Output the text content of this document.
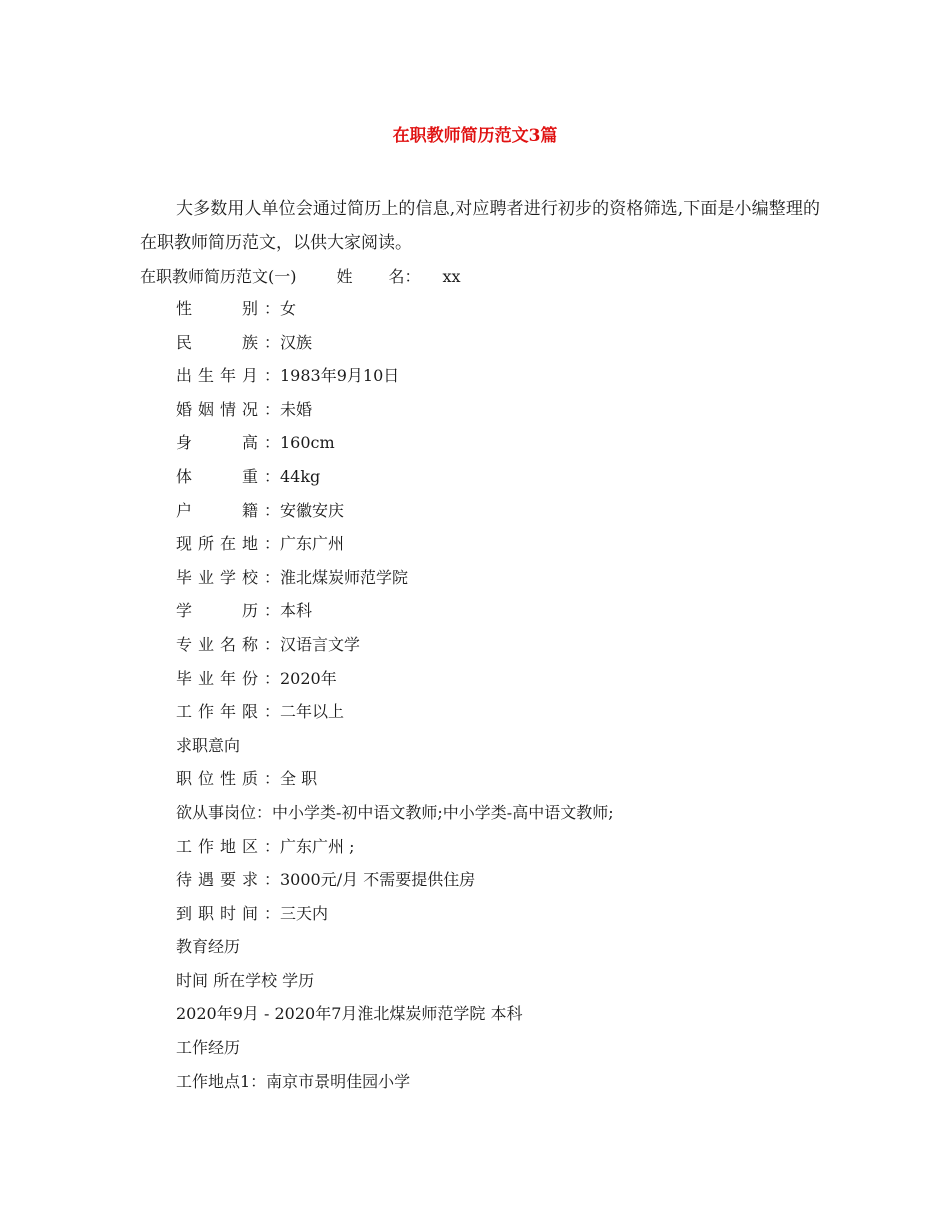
在职教师简历范文3篇
大多数用人单位会通过简历上的信息,对应聘者进行初步的资格筛选,下面是小编整理的在职教师简历范文，以供大家阅读。
在职教师简历范文(一)	姓 名： xx
性　　别： 女
民　　族： 汉族
出生年月： 1983年9月10日
婚姻情况： 未婚
身　　高： 160cm
体　　重： 44kg
户　　籍： 安徽安庆
现所在地： 广东广州
毕业学校： 淮北煤炭师范学院
学　　历： 本科
专业名称： 汉语言文学
毕业年份： 2020年
工作年限： 二年以上
求职意向
职位性质： 全 职
欲从事岗位：中小学类-初中语文教师;中小学类-高中语文教师;
工作地区： 广东广州 ;
待遇要求： 3000元/月 不需要提供住房
到职时间： 三天内
教育经历
时间 所在学校 学历
2020年9月 - 2020年7月淮北煤炭师范学院 本科
工作经历
工作地点1：南京市景明佳园小学
